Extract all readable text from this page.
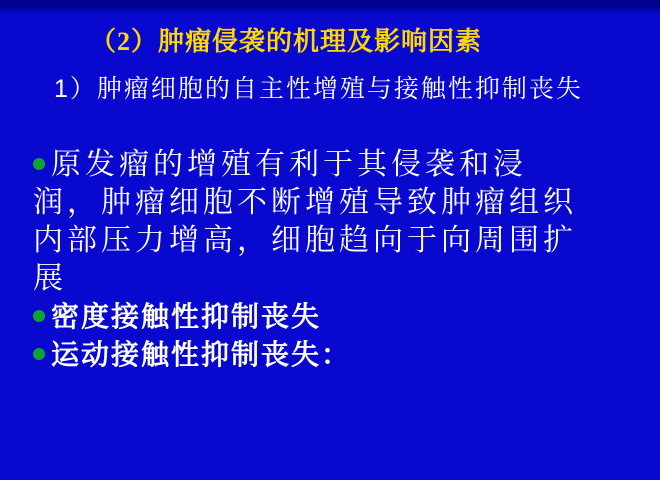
（2）肿瘤侵袭的机理及影响因素
1）肿瘤细胞的自主性增殖与接触性抑制丧失

原发瘤的增殖有利于其侵袭和浸润，肿瘤细胞不断增殖导致肿瘤组织内部压力增高，细胞趋向于向周围扩展

密度接触性抑制丧失

运动接触性抑制丧失：
